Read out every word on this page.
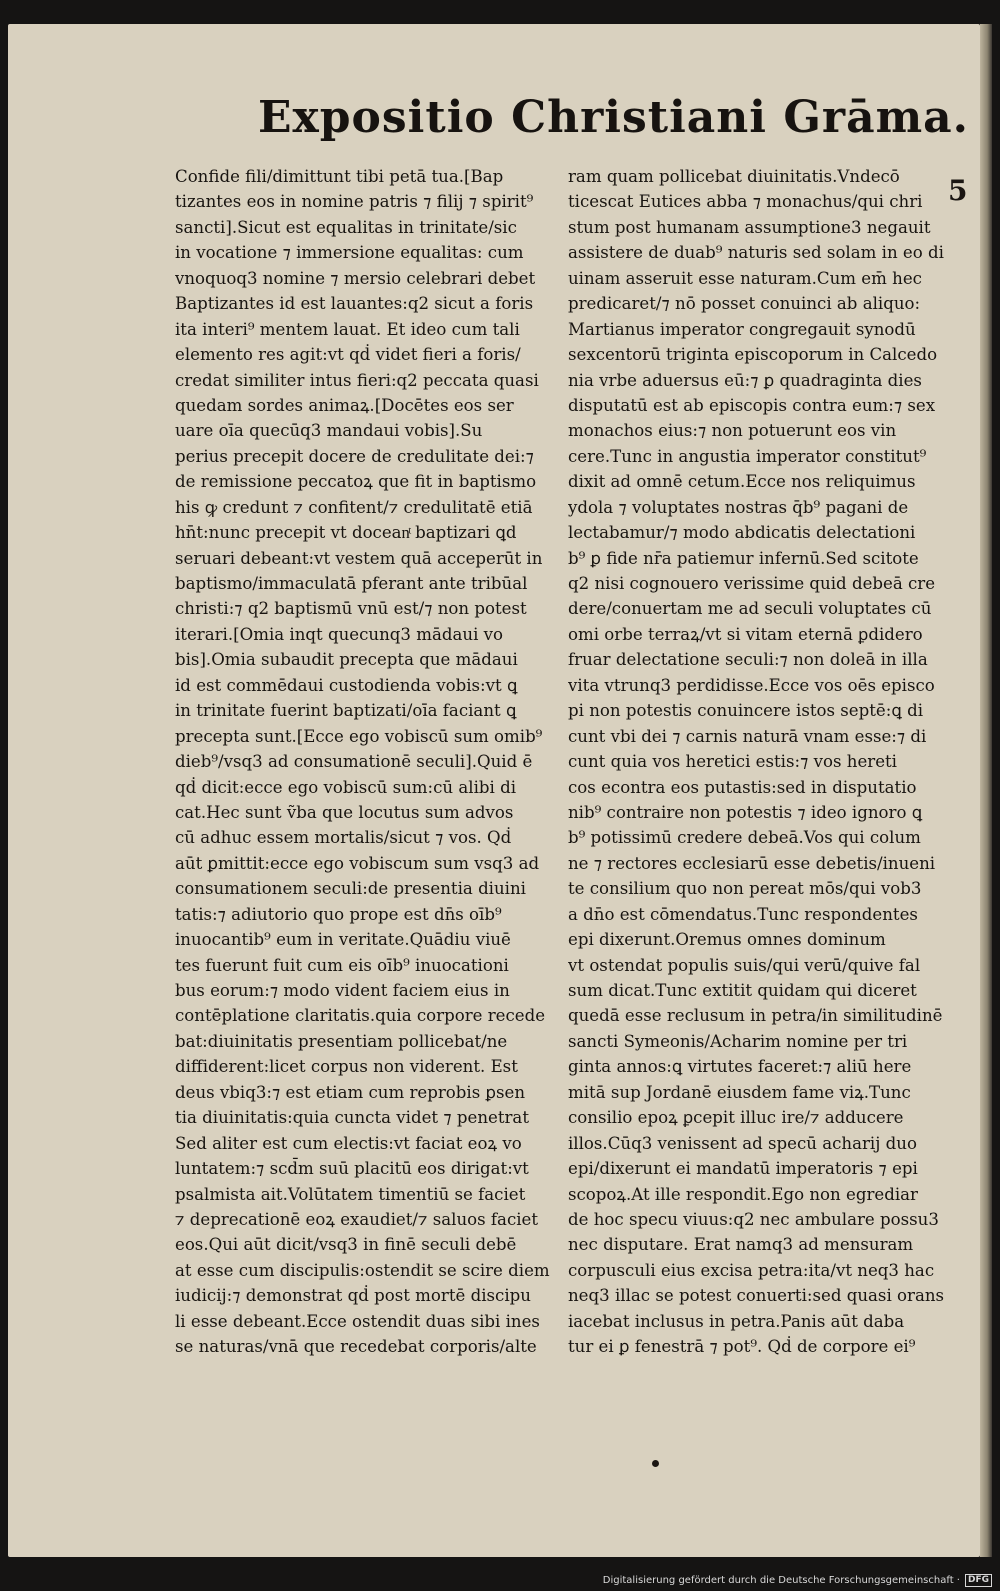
Expositio Christiani Grāma.
5
Confide fili/dimittunt tibi petā tua.[Bap
tizantes eos in nomine patris ⁊ filij ⁊ spirit⁹
sancti].Sicut est equalitas in trinitate/sic
in vocatione ⁊ immersione equalitas: cum
vnoquoq3 nomine ⁊ mersio celebrari debet
Baptizantes id est lauantes:q2 sicut a foris
ita interi⁹ mentem lauat. Et ideo cum tali
elemento res agit:vt qḋ videt fieri a foris/
credat similiter intus fieri:q2 peccata quasi
quedam sordes animaꝝ.[Docētes eos ser
uare oīa quecūq3 mandaui vobis].Su
perius precepit docere de credulitate dei:⁊
de remissione peccatoꝝ que fit in baptismo
his ꝙ credunt ⁊ confitent/⁊ credulitatē etiā
hn̄t:nunc precepit vt doceanͭ baptizari ꝗd
seruari debeant:vt vestem quā acceperūt in
baptismo/immaculatā pferant ante tribūal
christi:⁊ q2 baptismū vnū est/⁊ non potest
iterari.[Omia inqt quecunq3 mādaui vo
bis].Omia subaudit precepta que mādaui
id est commēdaui custodienda vobis:vt ꝗ
in trinitate fuerint baptizati/oīa faciant ꝗ
precepta sunt.[Ecce ego vobiscū sum omib⁹
dieb⁹/vsq3 ad consumationē seculi].Quid ē
qḋ dicit:ecce ego vobiscū sum:cū alibi di
cat.Hec sunt ṽba que locutus sum advos
cū adhuc essem mortalis/sicut ⁊ vos. Qḋ
aūt ꝑmittit:ecce ego vobiscum sum vsq3 ad
consumationem seculi:de presentia diuini
tatis:⁊ adiutorio quo prope est dn̄s oīb⁹
inuocantib⁹ eum in veritate.Quādiu viuē
tes fuerunt fuit cum eis oīb⁹ inuocationi
bus eorum:⁊ modo vident faciem eius in
contēplatione claritatis.quia corpore recede
bat:diuinitatis presentiam pollicebat/ne
diffiderent:licet corpus non viderent. Est
deus vbiq3:⁊ est etiam cum reprobis ꝑsen
tia diuinitatis:quia cuncta videt ⁊ penetrat
Sed aliter est cum electis:vt faciat eoꝝ vo
luntatem:⁊ scd̄m suū placitū eos dirigat:vt
psalmista ait.Volūtatem timentiū se faciet
⁊ deprecationē eoꝝ exaudiet/⁊ saluos faciet
eos.Qui aūt dicit/vsq3 in finē seculi debē
at esse cum discipulis:ostendit se scire diem
iudicij:⁊ demonstrat qḋ post mortē discipu
li esse debeant.Ecce ostendit duas sibi ines
se naturas/vnā que recedebat corporis/alte
ram quam pollicebat diuinitatis.Vndecō
ticescat Eutices abba ⁊ monachus/qui chri
stum post humanam assumptione3 negauit
assistere de duab⁹ naturis sed solam in eo di
uinam asseruit esse naturam.Cum em̄ hec
predicaret/⁊ nō posset conuinci ab aliquo:
Martianus imperator congregauit synodū
sexcentorū triginta episcoporum in Calcedo
nia vrbe aduersus eū:⁊ ꝑ quadraginta dies
disputatū est ab episcopis contra eum:⁊ sex
monachos eius:⁊ non potuerunt eos vin
cere.Tunc in angustia imperator constitut⁹
dixit ad omnē cetum.Ecce nos reliquimus
ydola ⁊ voluptates nostras q̄b⁹ pagani de
lectabamur/⁊ modo abdicatis delectationi
b⁹ ꝑ fide nr̄a patiemur infernū.Sed scitote
q2 nisi cognouero verissime quid debeā cre
dere/conuertam me ad seculi voluptates cū
omi orbe terraꝝ/vt si vitam eternā ꝑdidero
fruar delectatione seculi:⁊ non doleā in illa
vita vtrunq3 perdidisse.Ecce vos oēs episco
pi non potestis conuincere istos septē:ꝗ di
cunt vbi dei ⁊ carnis naturā vnam esse:⁊ di
cunt quia vos heretici estis:⁊ vos hereti
cos econtra eos putastis:sed in disputatio
nib⁹ contraire non potestis ⁊ ideo ignoro ꝗ
b⁹ potissimū credere debeā.Vos qui colum
ne ⁊ rectores ecclesiarū esse debetis/inueni
te consilium quo non pereat mōs/qui vob3
a dn̄o est cōmendatus.Tunc respondentes
epi dixerunt.Oremus omnes dominum
vt ostendat populis suis/qui verū/quive fal
sum dicat.Tunc extitit quidam qui diceret
quedā esse reclusum in petra/in similitudinē
sancti Symeonis/Acharim nomine per tri
ginta annos:ꝗ virtutes faceret:⁊ aliū here
mitā sup Jordanē eiusdem fame viꝝ.Tunc
consilio epoꝝ ꝑcepit illuc ire/⁊ adducere
illos.Cūq3 venissent ad specū acharij duo
epi/dixerunt ei mandatū imperatoris ⁊ epi
scopoꝝ.At ille respondit.Ego non egrediar
de hoc specu viuus:q2 nec ambulare possu3
nec disputare. Erat namq3 ad mensuram
corpusculi eius excisa petra:ita/vt neq3 hac
neq3 illac se potest conuerti:sed quasi orans
iacebat inclusus in petra.Panis aūt daba
tur ei ꝑ fenestrā ⁊ pot⁹. Qḋ de corpore ei⁹
Digitalisierung gefördert durch die Deutsche Forschungsgemeinschaft · DFG
